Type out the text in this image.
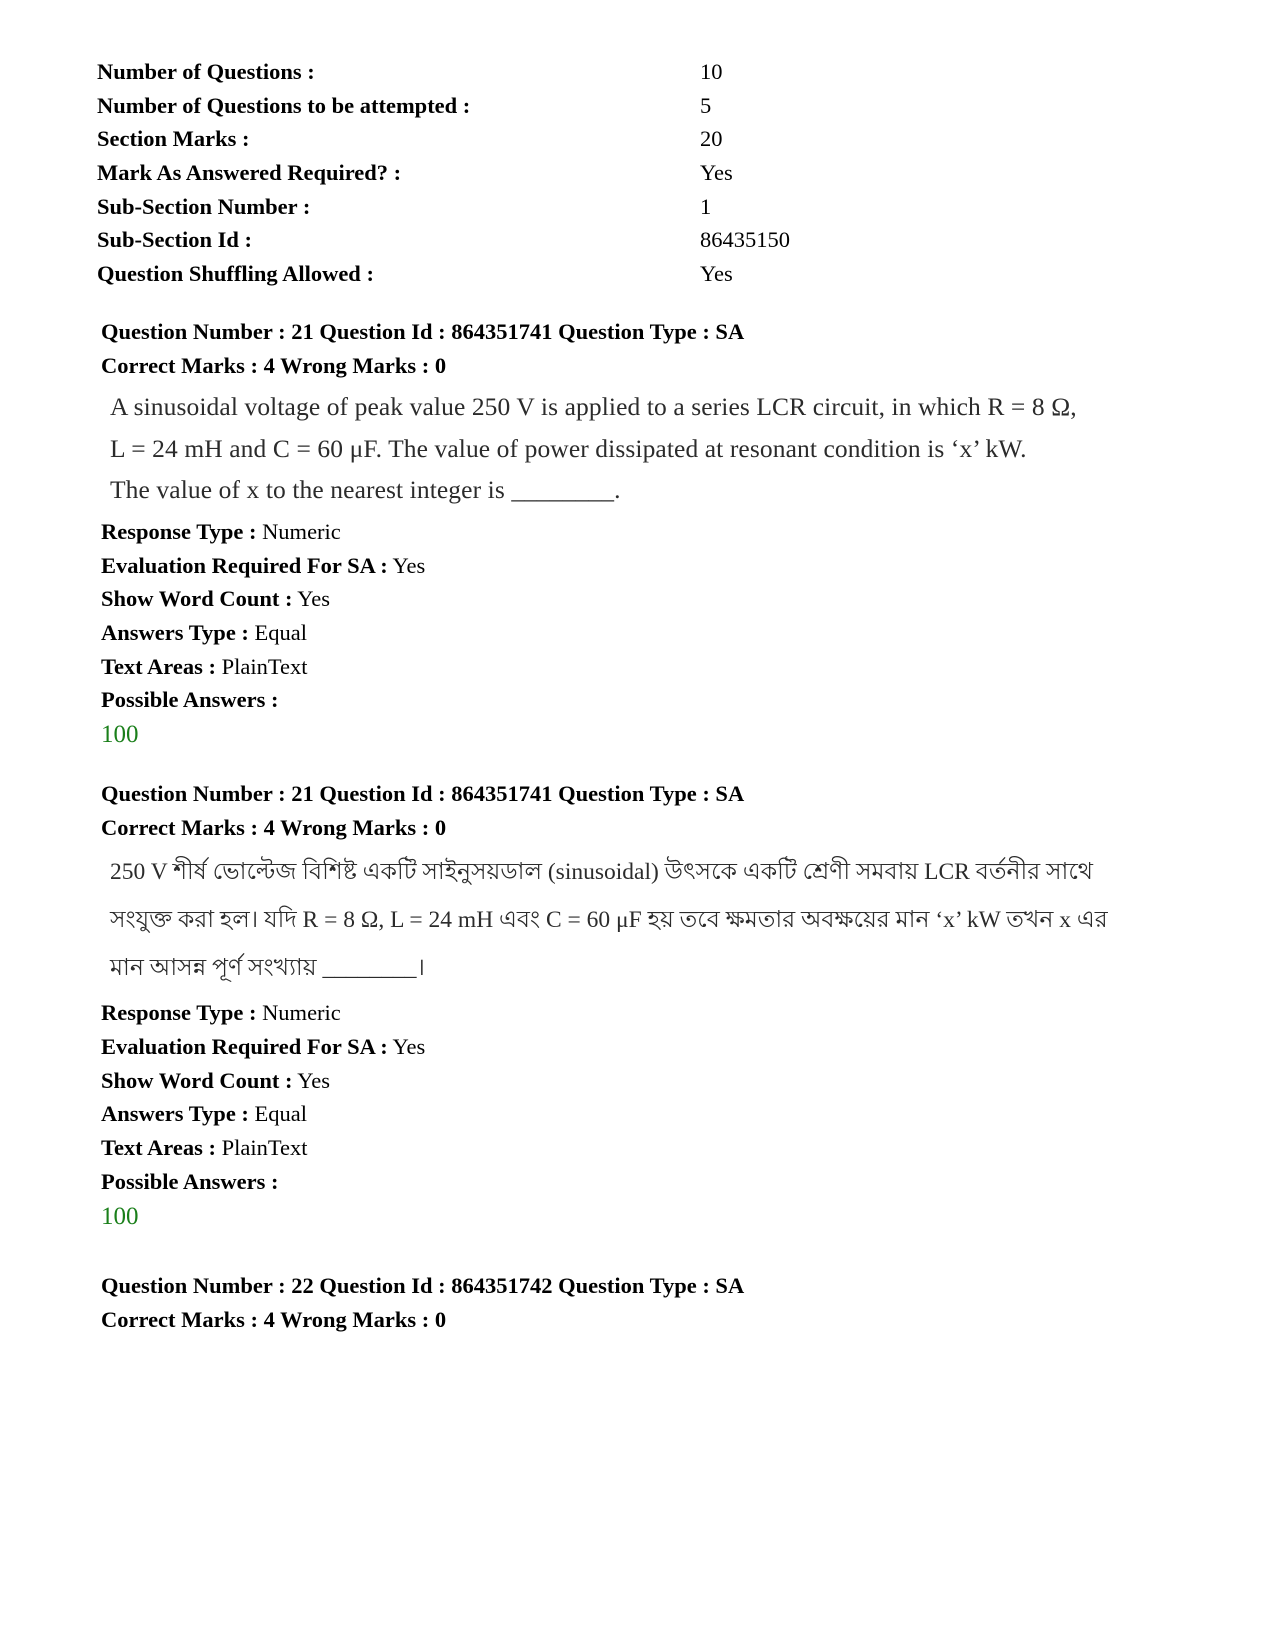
Number of Questions :	10
Number of Questions to be attempted :	5
Section Marks :	20
Mark As Answered Required? :	Yes
Sub-Section Number :	1
Sub-Section Id :	86435150
Question Shuffling Allowed :	Yes
Question Number : 21 Question Id : 864351741 Question Type : SA
Correct Marks : 4 Wrong Marks : 0
A sinusoidal voltage of peak value 250 V is applied to a series LCR circuit, in which R = 8 Ω,
L = 24 mH and C = 60 μF. The value of power dissipated at resonant condition is ‘x’ kW.
The value of x to the nearest integer is ________.
Response Type : Numeric
Evaluation Required For SA : Yes
Show Word Count : Yes
Answers Type : Equal
Text Areas : PlainText
Possible Answers :
100
Question Number : 21 Question Id : 864351741 Question Type : SA
Correct Marks : 4 Wrong Marks : 0
250 V শীর্ষ ভোল্টেজ বিশিষ্ট একটি সাইনুসয়ডাল (sinusoidal) উৎসকে একটি শ্রেণী সমবায় LCR বর্তনীর সাথে
সংযুক্ত করা হল। যদি R = 8 Ω, L = 24 mH এবং C = 60 μF হয় তবে ক্ষমতার অবক্ষয়ের মান ‘x’ kW তখন x এর
মান আসন্ন পূর্ণ সংখ্যায় ________।
Response Type : Numeric
Evaluation Required For SA : Yes
Show Word Count : Yes
Answers Type : Equal
Text Areas : PlainText
Possible Answers :
100
Question Number : 22 Question Id : 864351742 Question Type : SA
Correct Marks : 4 Wrong Marks : 0
